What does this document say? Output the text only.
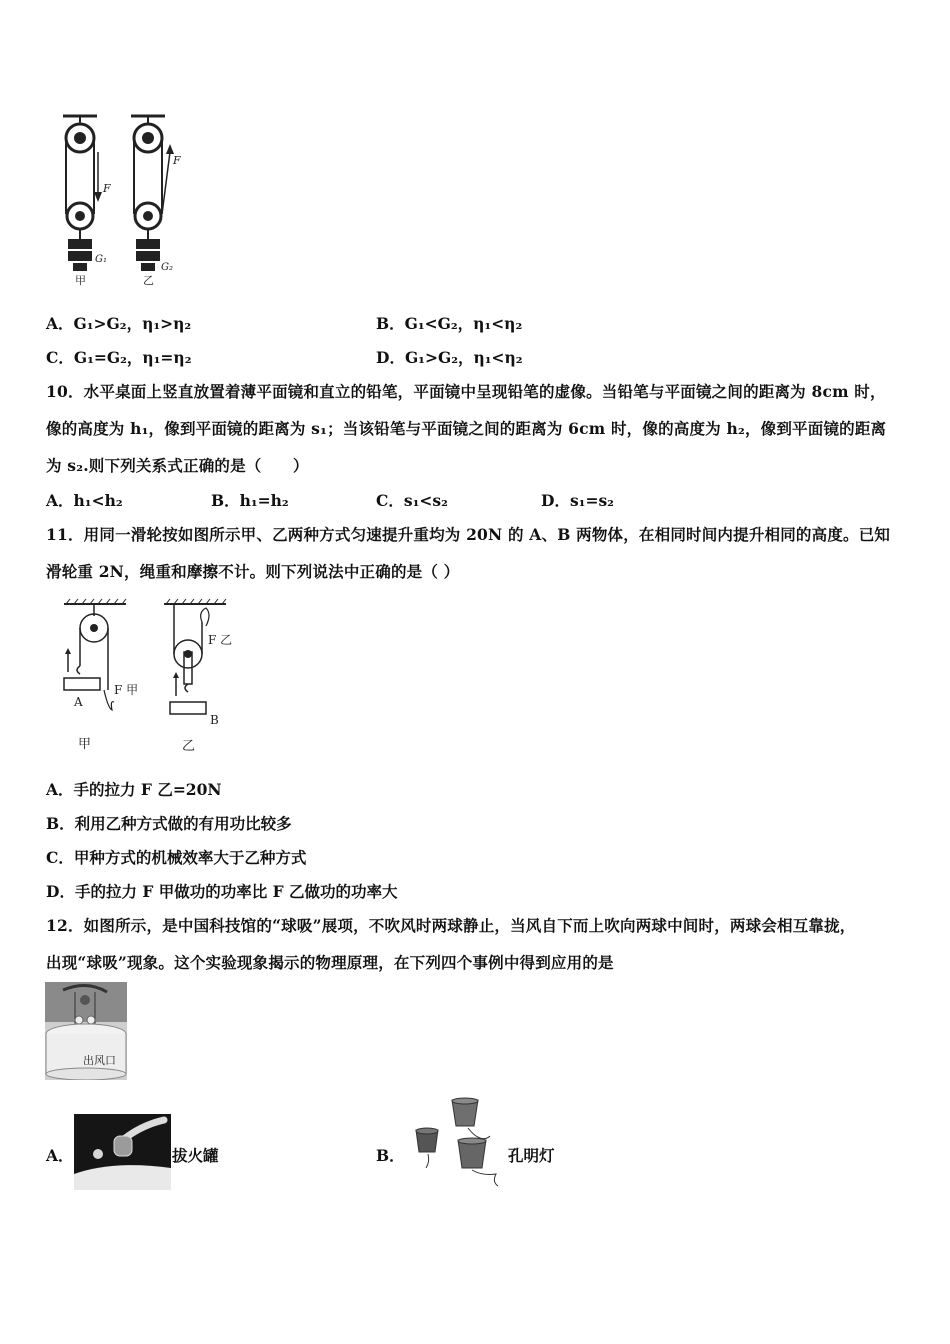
F
G₁
甲
F
G₂
乙
A．G₁>G₂，η₁>η₂	B．G₁<G₂，η₁<η₂
C．G₁=G₂，η₁=η₂	D．G₁>G₂，η₁<η₂
10．水平桌面上竖直放置着薄平面镜和直立的铅笔，平面镜中呈现铅笔的虚像。当铅笔与平面镜之间的距离为 8cm 时，
像的高度为 h₁，像到平面镜的距离为 s₁；当该铅笔与平面镜之间的距离为 6cm 时，像的高度为 h₂，像到平面镜的距离
为 s₂.则下列关系式正确的是（　　）
A．h₁<h₂	B．h₁=h₂	C．s₁<s₂	D．s₁=s₂
11．用同一滑轮按如图所示甲、乙两种方式匀速提升重均为 20N 的 A、B 两物体，在相同时间内提升相同的高度。已知
滑轮重 2N，绳重和摩擦不计。则下列说法中正确的是（ ）
A
F 甲
甲
F 乙
B
乙
A．手的拉力 F 乙=20N
B．利用乙种方式做的有用功比较多
C．甲种方式的机械效率大于乙种方式
D．手的拉力 F 甲做功的功率比 F 乙做功的功率大
12．如图所示，是中国科技馆的“球吸”展项，不吹风时两球静止，当风自下而上吹向两球中间时，两球会相互靠拢，
出现“球吸”现象。这个实验现象揭示的物理原理，在下列四个事例中得到应用的是
出风口
A．	拔火罐	B．	孔明灯
